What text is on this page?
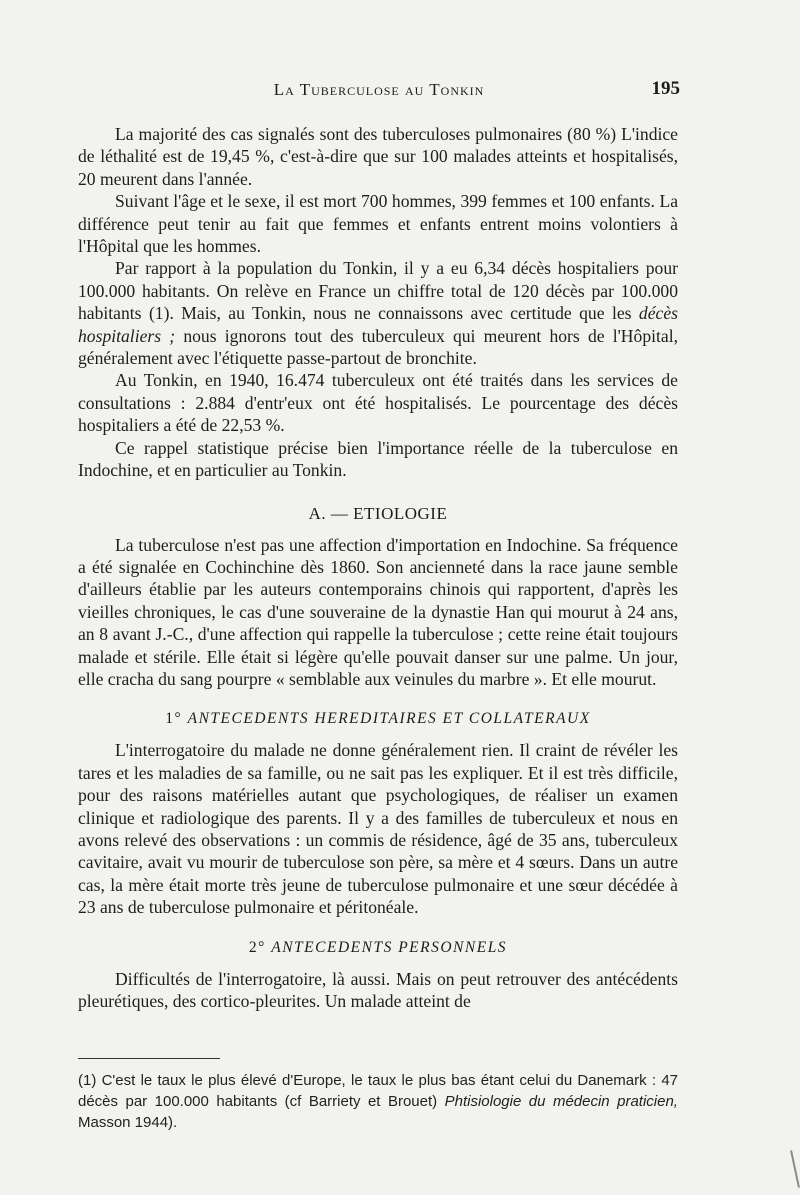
La Tuberculose au Tonkin	195

La majorité des cas signalés sont des tuberculoses pulmonaires (80 %) L'indice de léthalité est de 19,45 %, c'est-à-dire que sur 100 malades atteints et hospitalisés, 20 meurent dans l'année.

Suivant l'âge et le sexe, il est mort 700 hommes, 399 femmes et 100 enfants. La différence peut tenir au fait que femmes et enfants entrent moins volontiers à l'Hôpital que les hommes.

Par rapport à la population du Tonkin, il y a eu 6,34 décès hospitaliers pour 100.000 habitants. On relève en France un chiffre total de 120 décès par 100.000 habitants (1). Mais, au Tonkin, nous ne connaissons avec certitude que les décès hospitaliers ; nous ignorons tout des tuberculeux qui meurent hors de l'Hôpital, généralement avec l'étiquette passe-partout de bronchite.

Au Tonkin, en 1940, 16.474 tuberculeux ont été traités dans les services de consultations : 2.884 d'entr'eux ont été hospitalisés. Le pourcentage des décès hospitaliers a été de 22,53 %.

Ce rappel statistique précise bien l'importance réelle de la tuberculose en Indochine, et en particulier au Tonkin.

A. — ETIOLOGIE

La tuberculose n'est pas une affection d'importation en Indochine. Sa fréquence a été signalée en Cochinchine dès 1860. Son ancienneté dans la race jaune semble d'ailleurs établie par les auteurs contemporains chinois qui rapportent, d'après les vieilles chroniques, le cas d'une souveraine de la dynastie Han qui mourut à 24 ans, an 8 avant J.-C., d'une affection qui rappelle la tuberculose ; cette reine était toujours malade et stérile. Elle était si légère qu'elle pouvait danser sur une palme. Un jour, elle cracha du sang pourpre « semblable aux veinules du marbre ». Et elle mourut.

1° ANTECEDENTS HEREDITAIRES ET COLLATERAUX

L'interrogatoire du malade ne donne généralement rien. Il craint de révéler les tares et les maladies de sa famille, ou ne sait pas les expliquer. Et il est très difficile, pour des raisons matérielles autant que psychologiques, de réaliser un examen clinique et radiologique des parents. Il y a des familles de tuberculeux et nous en avons relevé des observations : un commis de résidence, âgé de 35 ans, tuberculeux cavitaire, avait vu mourir de tuberculose son père, sa mère et 4 sœurs. Dans un autre cas, la mère était morte très jeune de tuberculose pulmonaire et une sœur décédée à 23 ans de tuberculose pulmonaire et péritonéale.

2° ANTECEDENTS PERSONNELS

Difficultés de l'interrogatoire, là aussi. Mais on peut retrouver des antécédents pleurétiques, des cortico-pleurites. Un malade atteint de

(1) C'est le taux le plus élevé d'Europe, le taux le plus bas étant celui du Danemark : 47 décès par 100.000 habitants (cf Barriety et Brouet) Phtisiologie du médecin praticien, Masson 1944).
